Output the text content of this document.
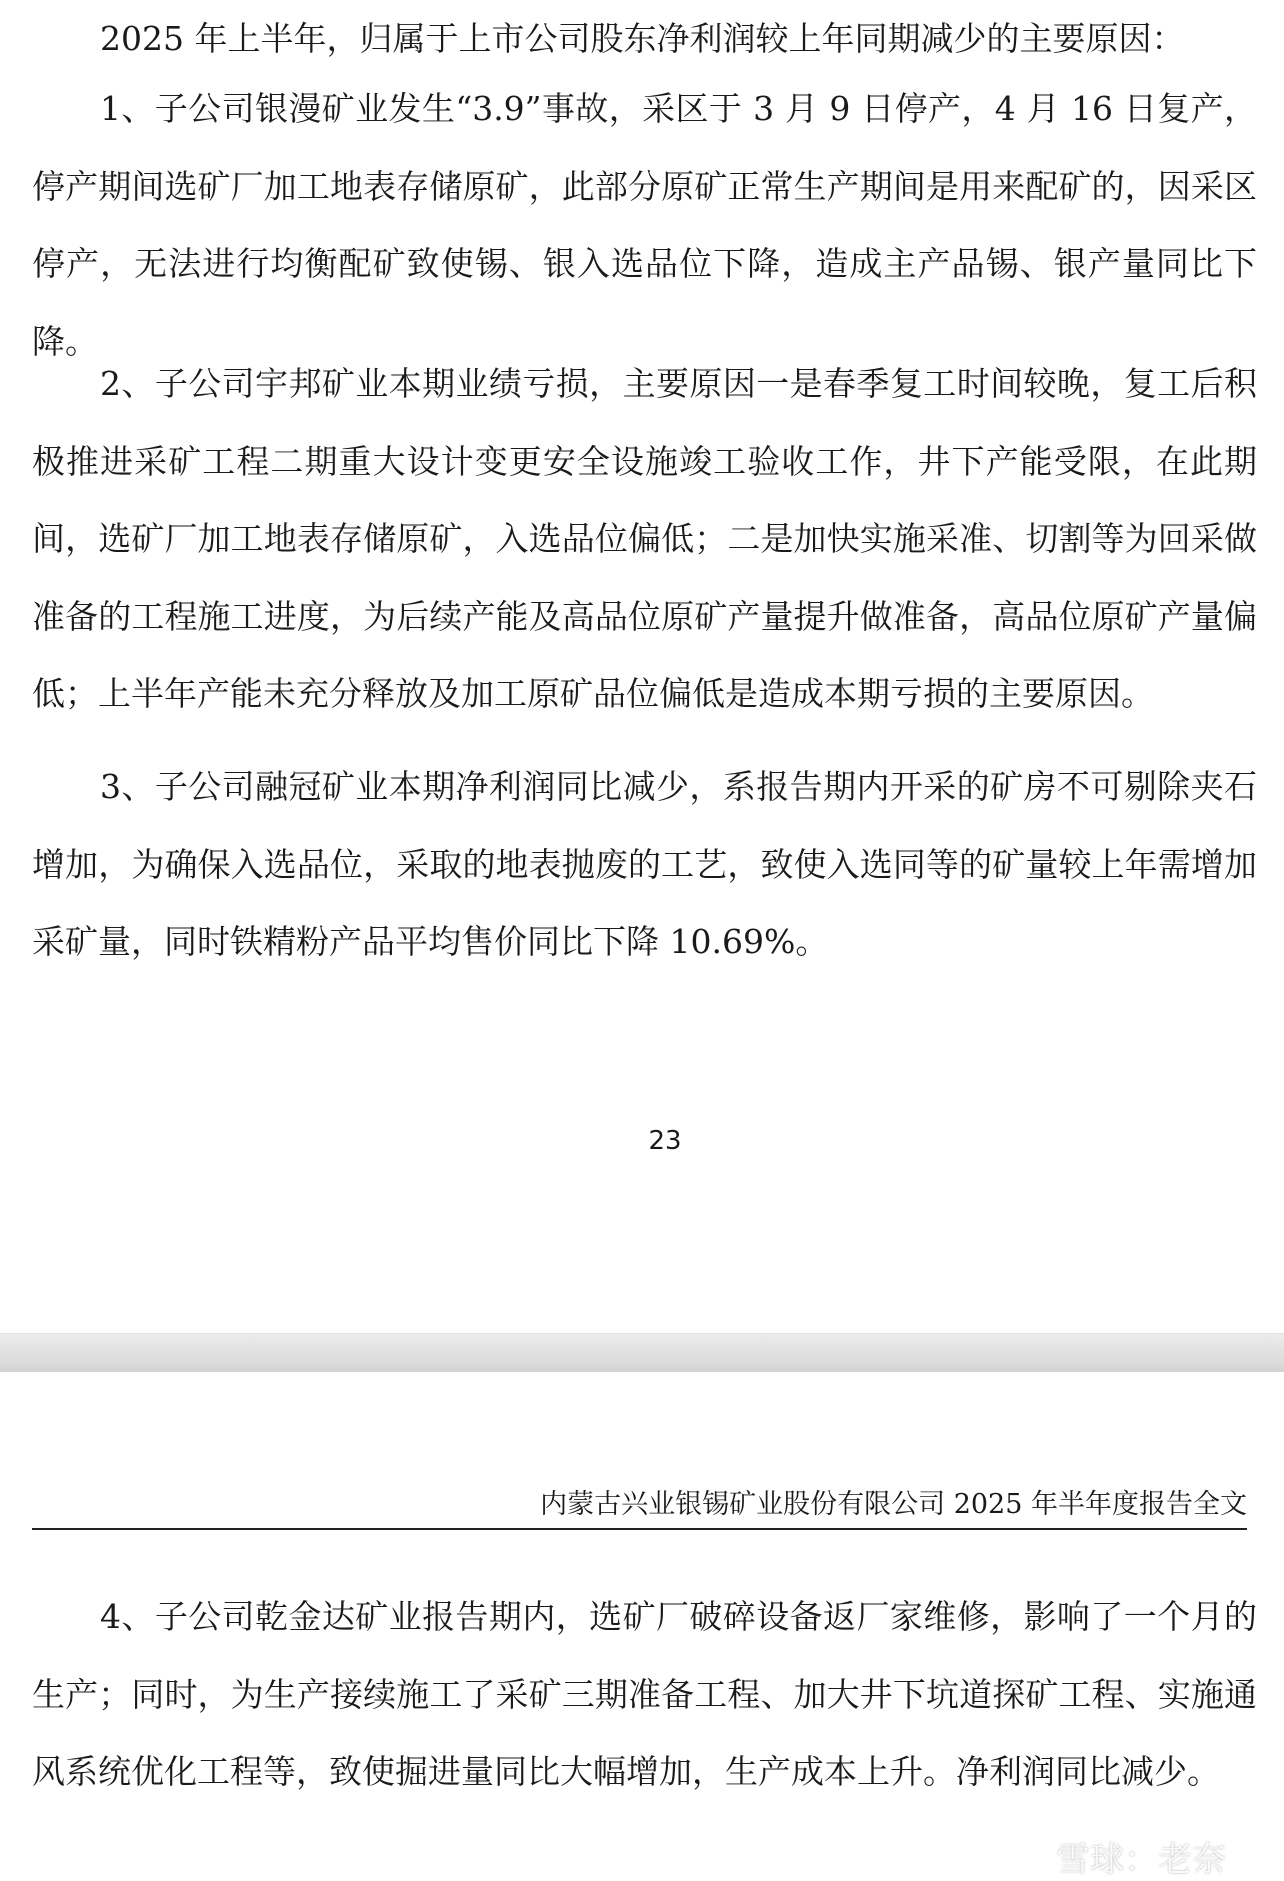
2025 年上半年，归属于上市公司股东净利润较上年同期减少的主要原因：

1、子公司银漫矿业发生“3.9”事故，采区于 3 月 9 日停产，4 月 16 日复产，停产期间选矿厂加工地表存储原矿，此部分原矿正常生产期间是用来配矿的，因采区停产，无法进行均衡配矿致使锡、银入选品位下降，造成主产品锡、银产量同比下降。

2、子公司宇邦矿业本期业绩亏损，主要原因一是春季复工时间较晚，复工后积极推进采矿工程二期重大设计变更安全设施竣工验收工作，井下产能受限，在此期间，选矿厂加工地表存储原矿，入选品位偏低；二是加快实施采准、切割等为回采做准备的工程施工进度，为后续产能及高品位原矿产量提升做准备，高品位原矿产量偏低；上半年产能未充分释放及加工原矿品位偏低是造成本期亏损的主要原因。

3、子公司融冠矿业本期净利润同比减少，系报告期内开采的矿房不可剔除夹石增加，为确保入选品位，采取的地表抛废的工艺，致使入选同等的矿量较上年需增加采矿量，同时铁精粉产品平均售价同比下降 10.69%。

23
内蒙古兴业银锡矿业股份有限公司 2025 年半年度报告全文

4、子公司乾金达矿业报告期内，选矿厂破碎设备返厂家维修，影响了一个月的生产；同时，为生产接续施工了采矿三期准备工程、加大井下坑道探矿工程、实施通风系统优化工程等，致使掘进量同比大幅增加，生产成本上升。净利润同比减少。

雪球：老奈
